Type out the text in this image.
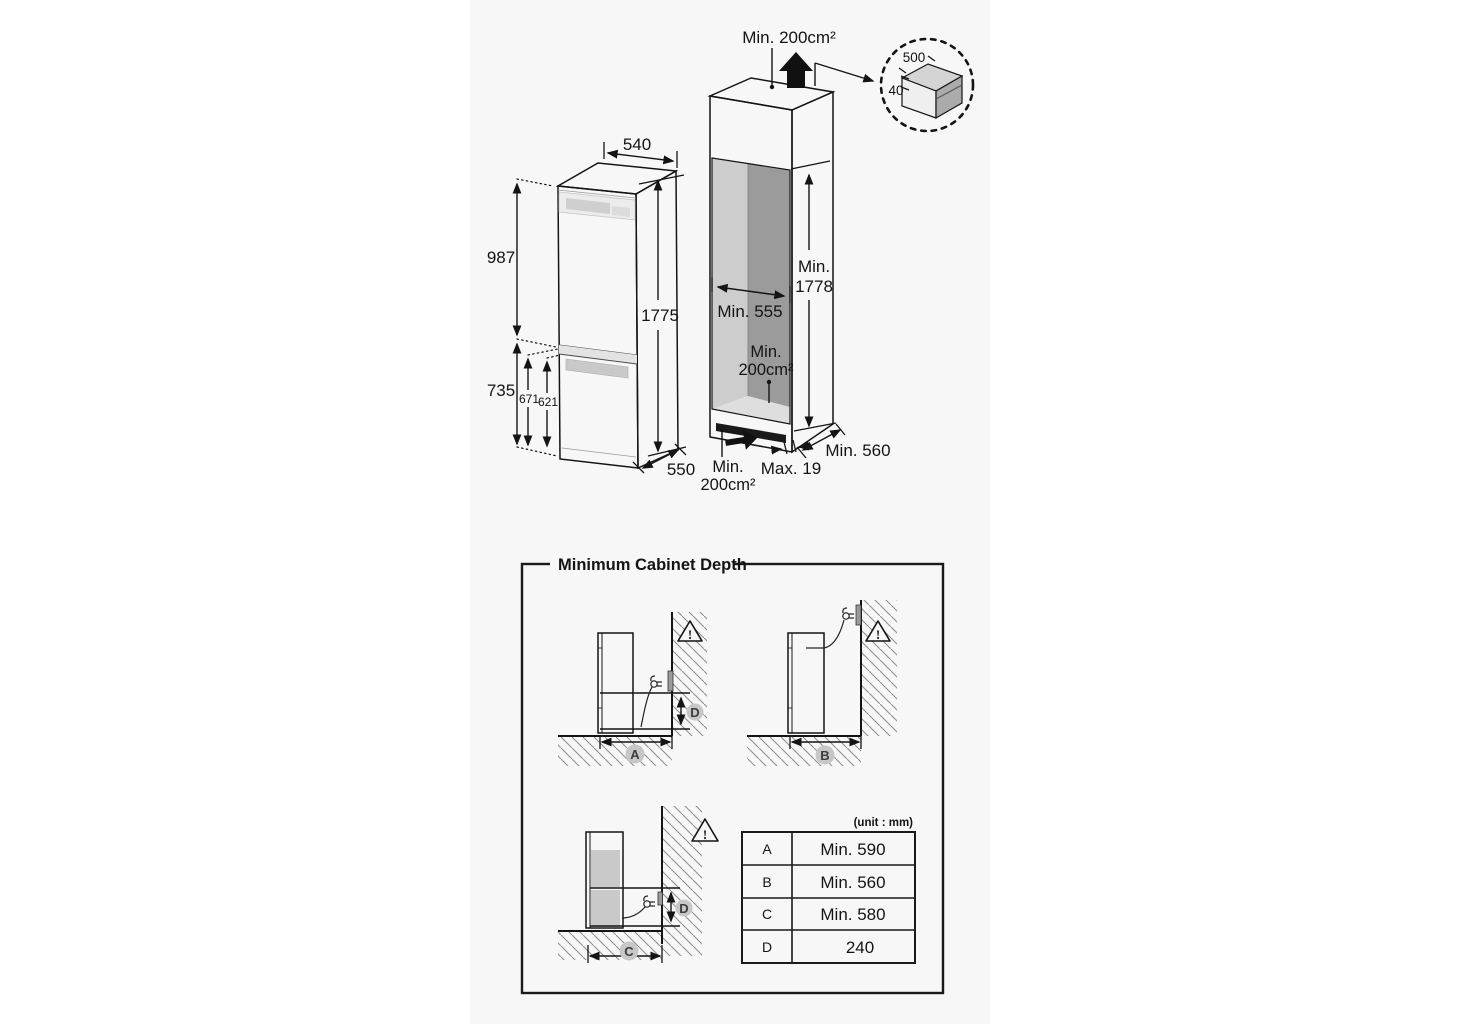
540
987
735 671
621
1775
550
Min. 200cm²
500
40
Min. 555
Min.
1778
Min.
200cm²
Min. 560
Max. 19
Min.
200cm²
Minimum Cabinet Depth
D
A
!
B
!
D
C
!
(unit : mm)
A	Min. 590
B	Min. 560
C	Min. 580
D	240
